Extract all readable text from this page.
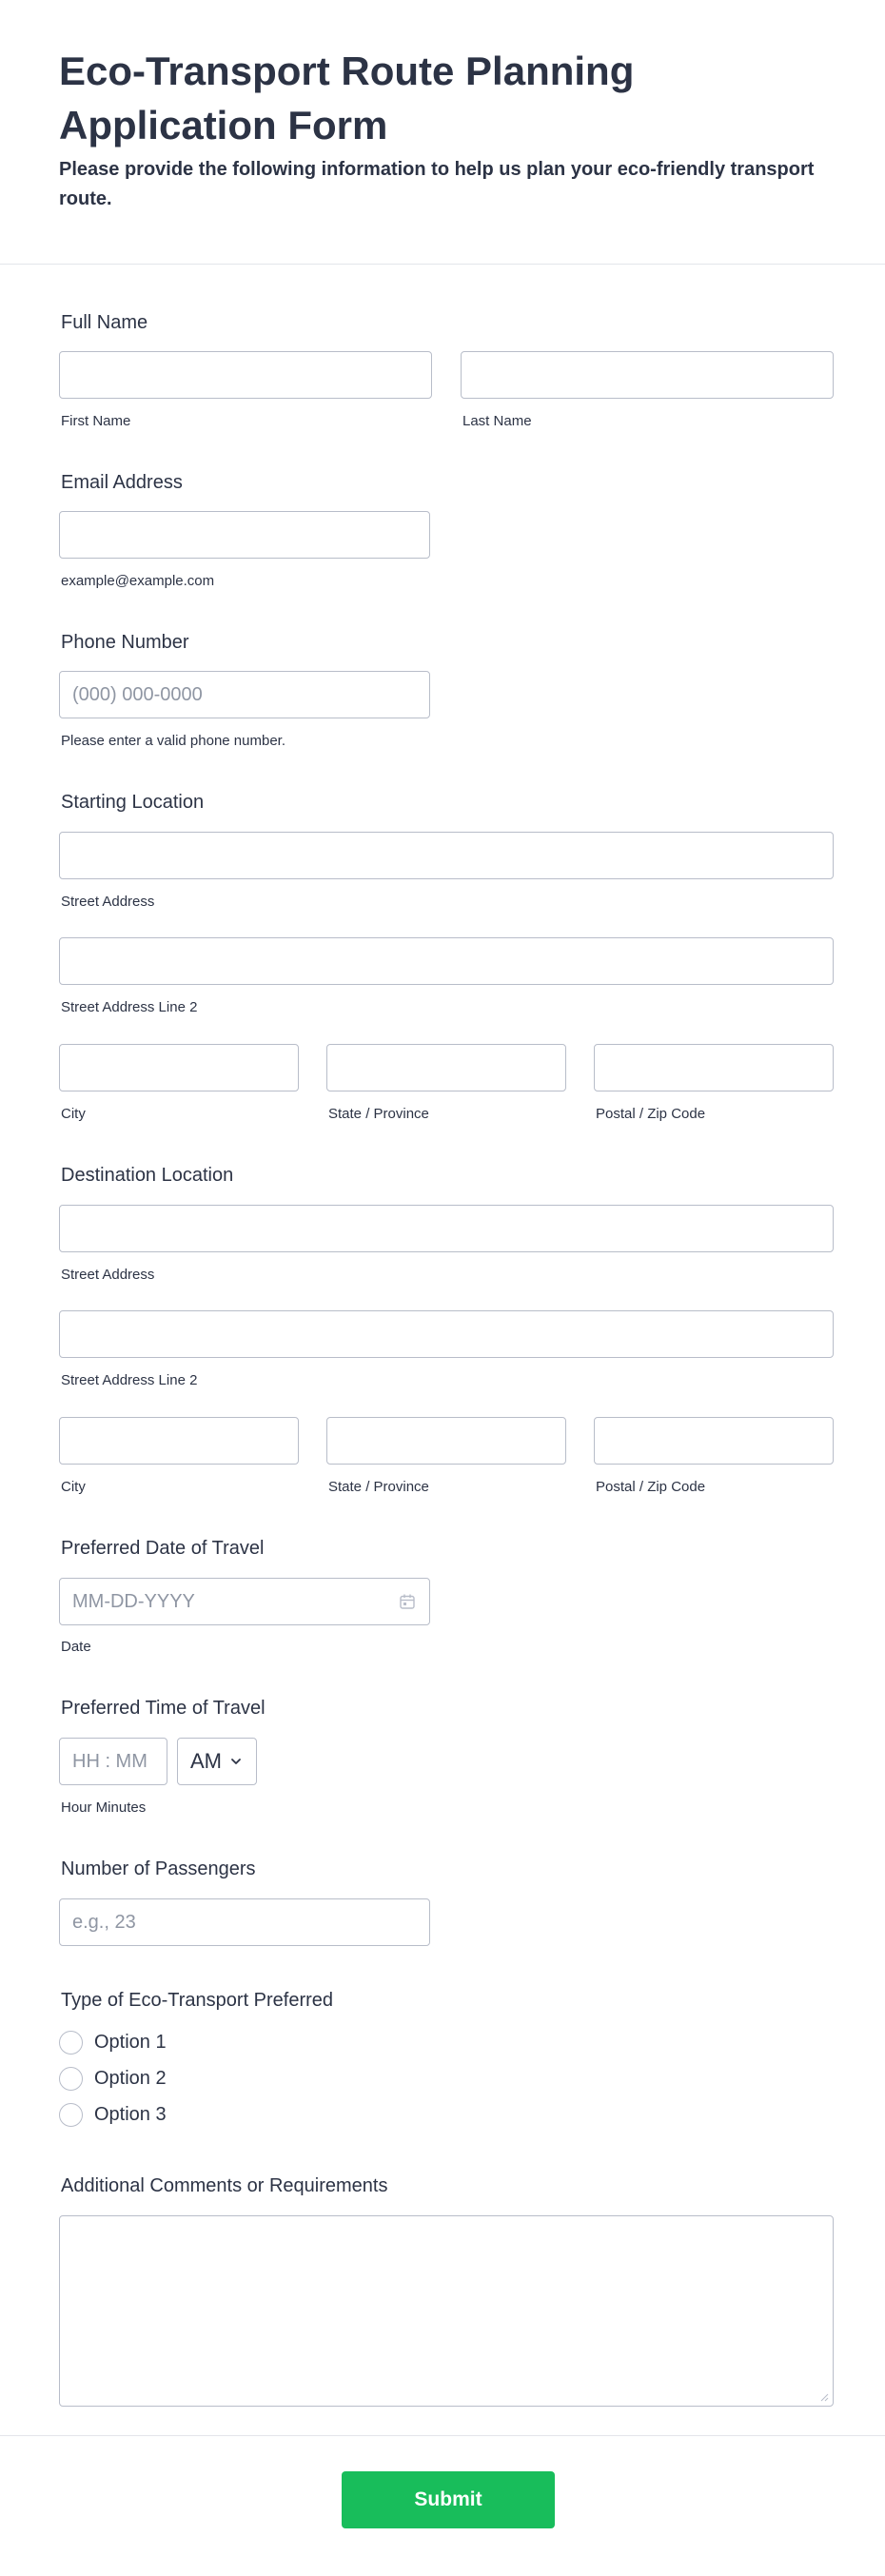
Eco-Transport Route Planning Application Form

Please provide the following information to help us plan your eco-friendly transport route.

Full Name
First Name	Last Name
Email Address
example@example.com
Phone Number
(000) 000-0000
Please enter a valid phone number.
Starting Location
Street Address
Street Address Line 2
City	State / Province	Postal / Zip Code
Destination Location
Street Address
Street Address Line 2
City	State / Province	Postal / Zip Code
Preferred Date of Travel
MM-DD-YYYY
Date
Preferred Time of Travel
HH : MM
AM
Hour Minutes
Number of Passengers
e.g., 23
Type of Eco-Transport Preferred
Option 1
Option 2
Option 3
Additional Comments or Requirements
Submit
